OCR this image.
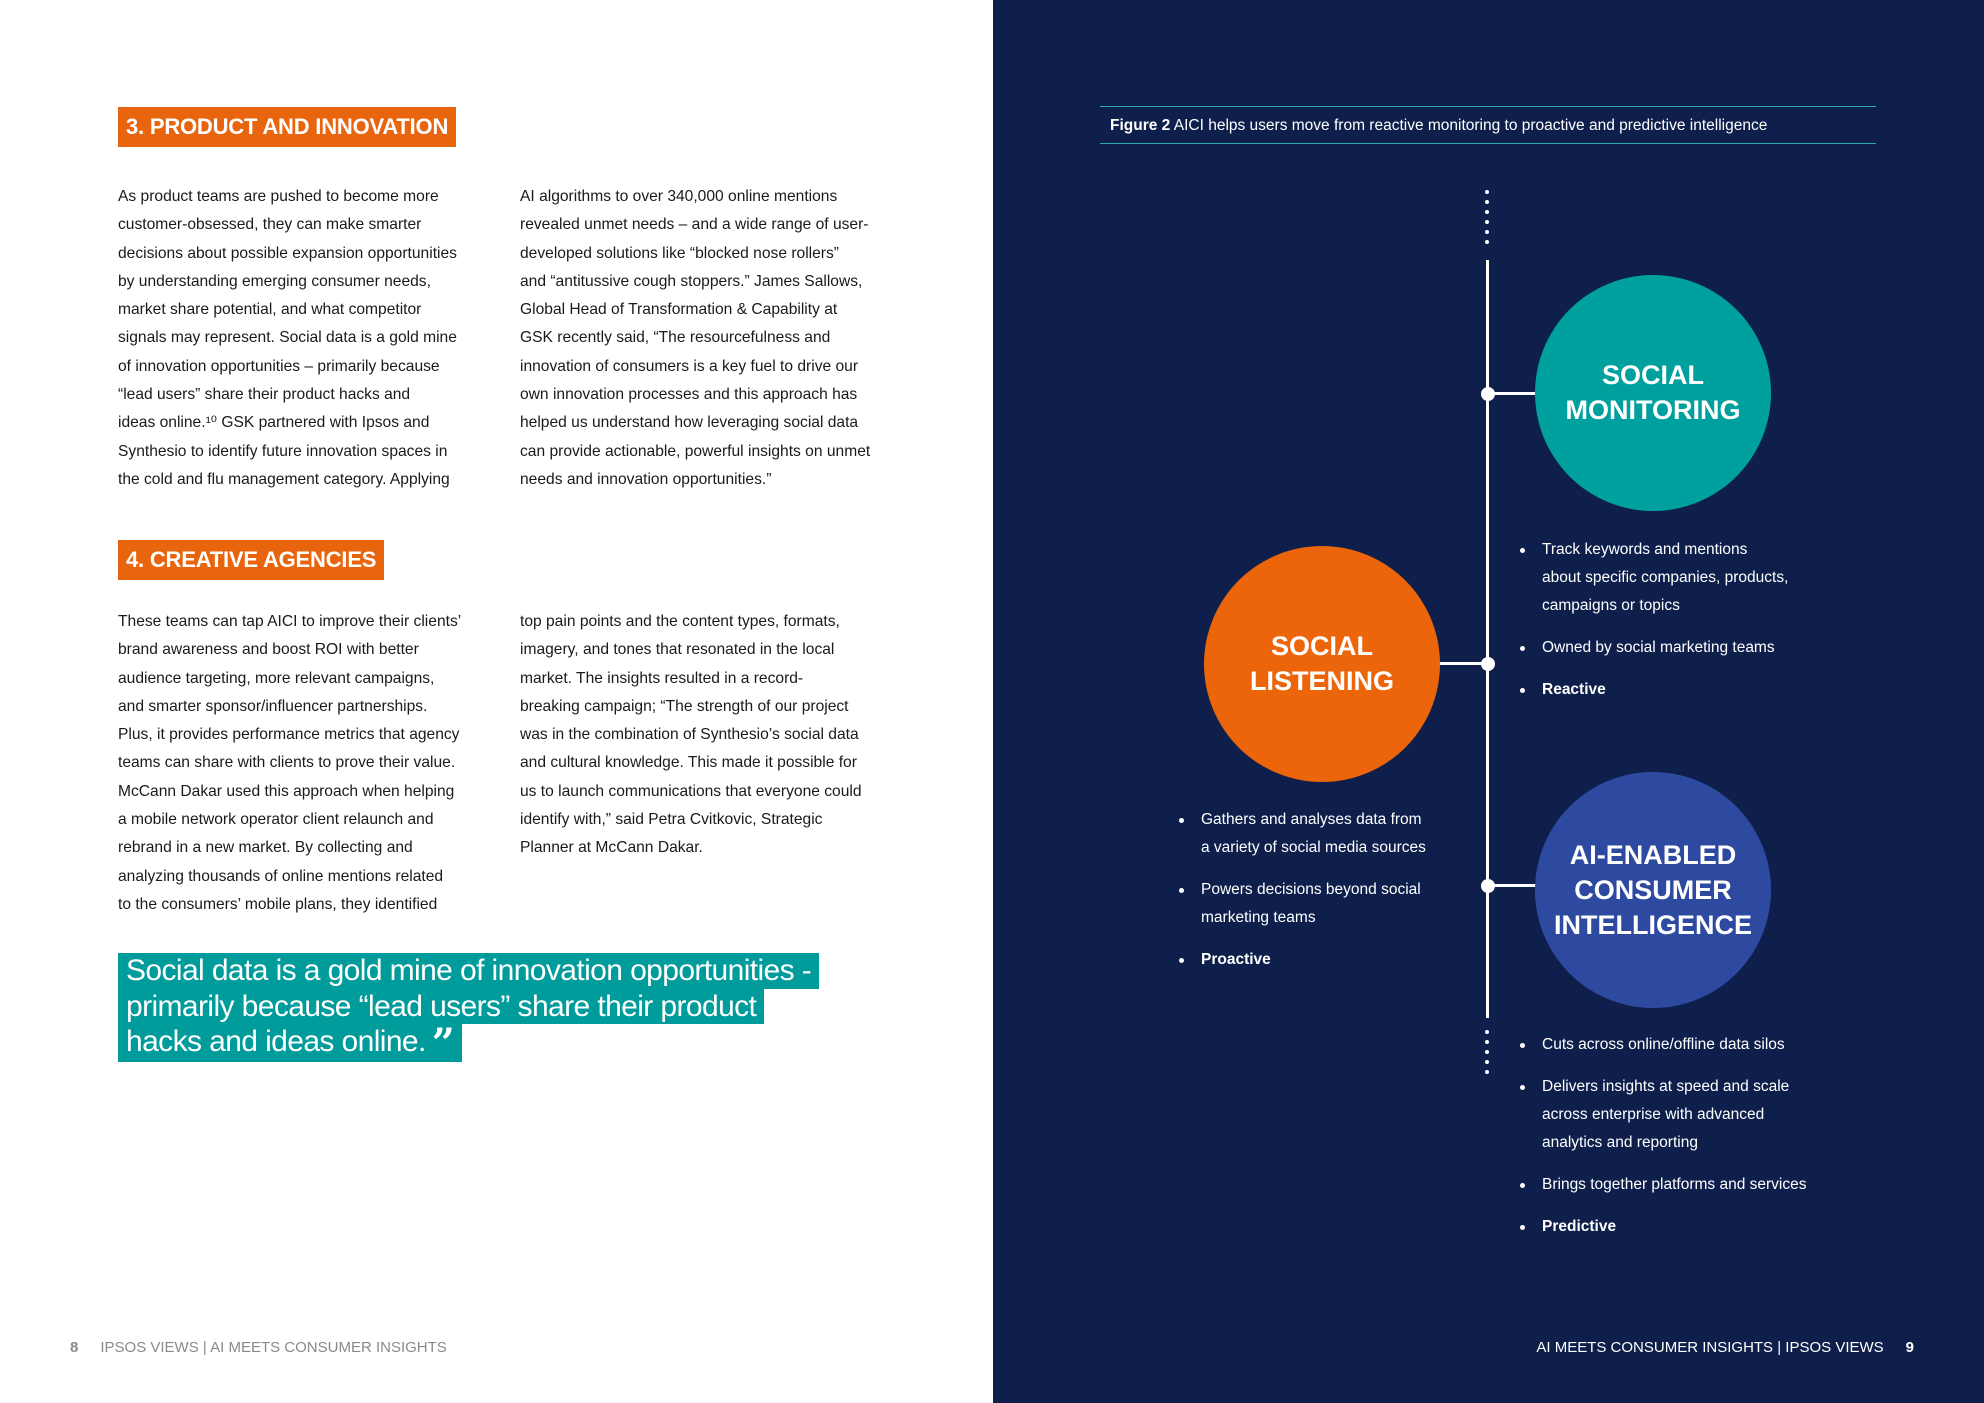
3. PRODUCT AND INNOVATION
As product teams are pushed to become more
customer-obsessed, they can make smarter
decisions about possible expansion opportunities
by understanding emerging consumer needs,
market share potential, and what competitor
signals may represent. Social data is a gold mine
of innovation opportunities – primarily because
“lead users” share their product hacks and
ideas online.¹⁰ GSK partnered with Ipsos and
Synthesio to identify future innovation spaces in
the cold and flu management category. Applying
AI algorithms to over 340,000 online mentions
revealed unmet needs – and a wide range of user-
developed solutions like “blocked nose rollers”
and “antitussive cough stoppers.” James Sallows,
Global Head of Transformation & Capability at
GSK recently said, “The resourcefulness and
innovation of consumers is a key fuel to drive our
own innovation processes and this approach has
helped us understand how leveraging social data
can provide actionable, powerful insights on unmet
needs and innovation opportunities.”
4. CREATIVE AGENCIES
These teams can tap AICI to improve their clients’
brand awareness and boost ROI with better
audience targeting, more relevant campaigns,
and smarter sponsor/influencer partnerships.
Plus, it provides performance metrics that agency
teams can share with clients to prove their value.
McCann Dakar used this approach when helping
a mobile network operator client relaunch and
rebrand in a new market. By collecting and
analyzing thousands of online mentions related
to the consumers’ mobile plans, they identified
top pain points and the content types, formats,
imagery, and tones that resonated in the local
market. The insights resulted in a record-
breaking campaign; “The strength of our project
was in the combination of Synthesio’s social data
and cultural knowledge. This made it possible for
us to launch communications that everyone could
identify with,” said Petra Cvitkovic, Strategic
Planner at McCann Dakar.
Social data is a gold mine of innovation opportunities -
primarily because “lead users” share their product
hacks and ideas online. ”
8 IPSOS VIEWS | AI MEETS CONSUMER INSIGHTS
Figure 2 AICI helps users move from reactive monitoring to proactive and predictive intelligence
SOCIAL
MONITORING
SOCIAL
LISTENING
AI-ENABLED
CONSUMER
INTELLIGENCE
Track keywords and mentions
about specific companies, products,
campaigns or topics
Owned by social marketing teams
Reactive
Gathers and analyses data from
a variety of social media sources
Powers decisions beyond social
marketing teams
Proactive
Cuts across online/offline data silos
Delivers insights at speed and scale
across enterprise with advanced
analytics and reporting
Brings together platforms and services
Predictive
AI MEETS CONSUMER INSIGHTS | IPSOS VIEWS 9
